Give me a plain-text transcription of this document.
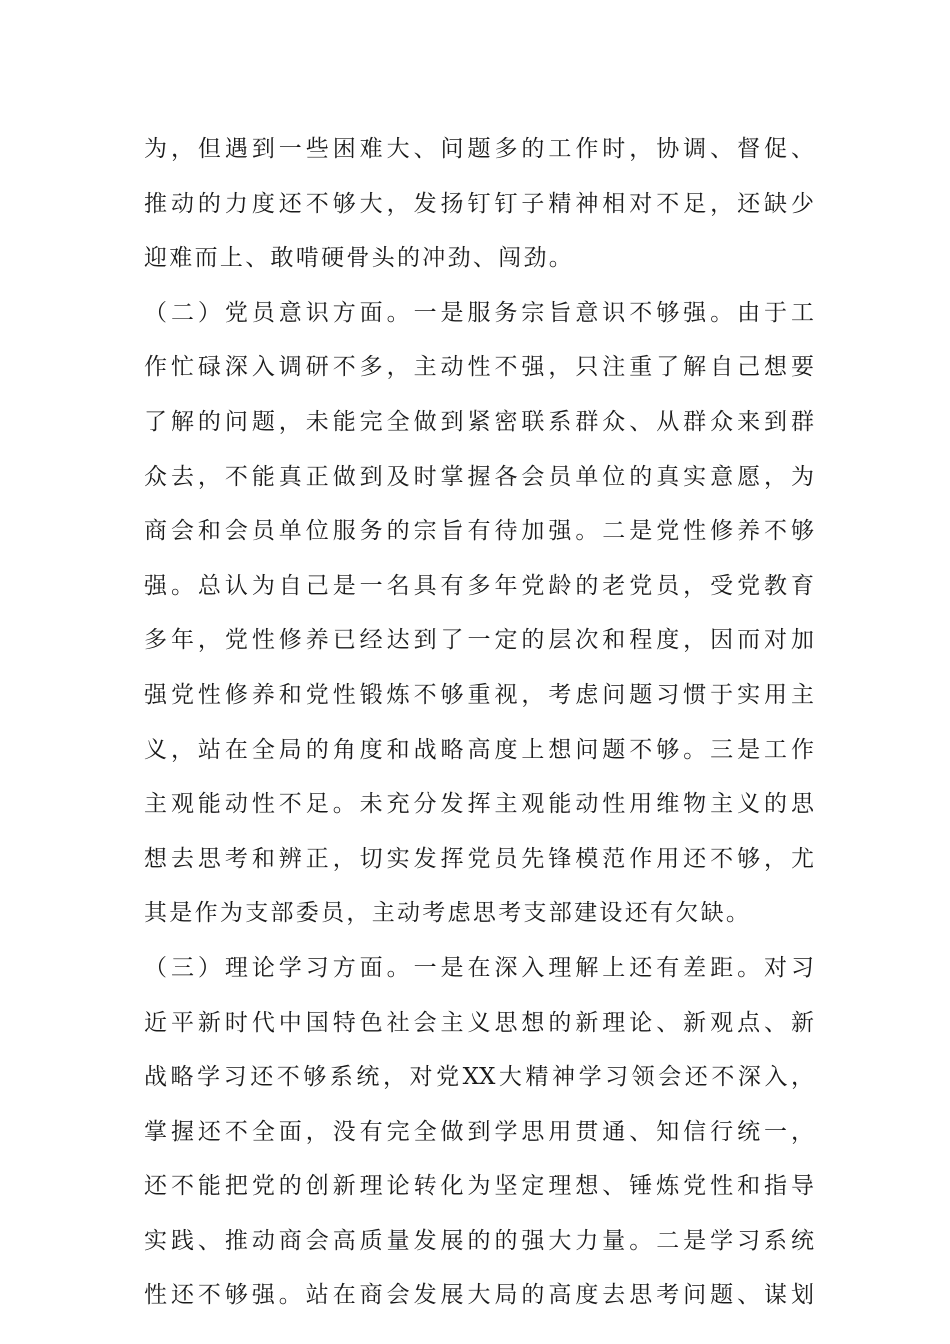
为，但遇到一些困难大、问题多的工作时，协调、督促、
推动的力度还不够大，发扬钉钉子精神相对不足，还缺少
迎难而上、敢啃硬骨头的冲劲、闯劲。
（二）党员意识方面。一是服务宗旨意识不够强。由于工
作忙碌深入调研不多，主动性不强，只注重了解自己想要
了解的问题，未能完全做到紧密联系群众、从群众来到群
众去，不能真正做到及时掌握各会员单位的真实意愿，为
商会和会员单位服务的宗旨有待加强。二是党性修养不够
强。总认为自己是一名具有多年党龄的老党员，受党教育
多年，党性修养已经达到了一定的层次和程度，因而对加
强党性修养和党性锻炼不够重视，考虑问题习惯于实用主
义，站在全局的角度和战略高度上想问题不够。三是工作
主观能动性不足。未充分发挥主观能动性用维物主义的思
想去思考和辨正，切实发挥党员先锋模范作用还不够，尤
其是作为支部委员，主动考虑思考支部建设还有欠缺。
（三）理论学习方面。一是在深入理解上还有差距。对习
近平新时代中国特色社会主义思想的新理论、新观点、新
战略学习还不够系统，对党XX大精神学习领会还不深入，
掌握还不全面，没有完全做到学思用贯通、知信行统一，
还不能把党的创新理论转化为坚定理想、锤炼党性和指导
实践、推动商会高质量发展的的强大力量。二是学习系统
性还不够强。站在商会发展大局的高度去思考问题、谋划
